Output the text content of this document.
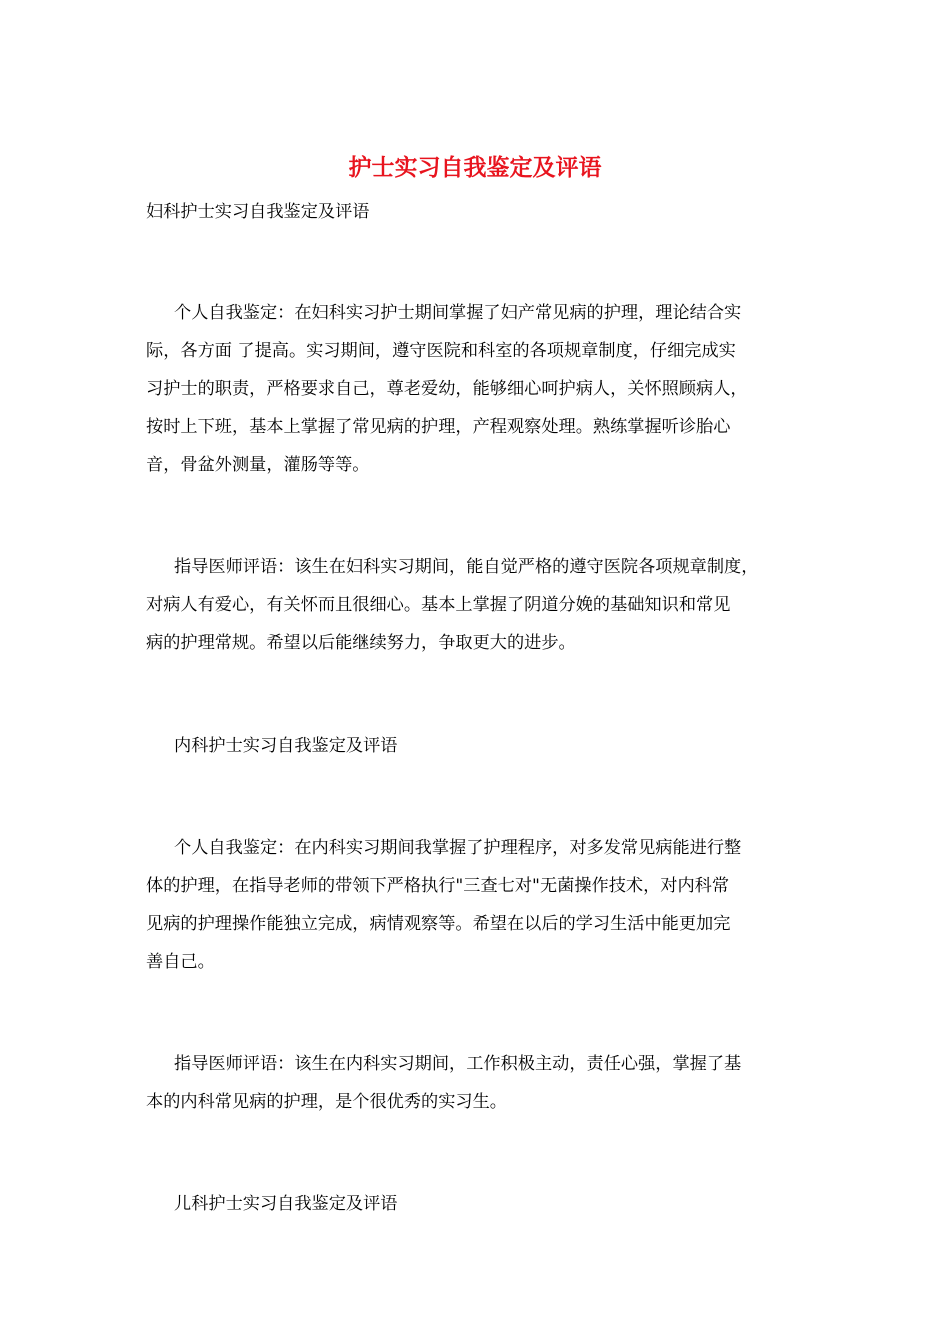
护士实习自我鉴定及评语
妇科护士实习自我鉴定及评语
个人自我鉴定：在妇科实习护士期间掌握了妇产常见病的护理，理论结合实
际，各方面 了提高。实习期间，遵守医院和科室的各项规章制度，仔细完成实
习护士的职责，严格要求自己，尊老爱幼，能够细心呵护病人，关怀照顾病人，
按时上下班，基本上掌握了常见病的护理，产程观察处理。熟练掌握听诊胎心
音，骨盆外测量，灌肠等等。
指导医师评语：该生在妇科实习期间，能自觉严格的遵守医院各项规章制度，
对病人有爱心，有关怀而且很细心。基本上掌握了阴道分娩的基础知识和常见
病的护理常规。希望以后能继续努力，争取更大的进步。
内科护士实习自我鉴定及评语
个人自我鉴定：在内科实习期间我掌握了护理程序，对多发常见病能进行整
体的护理，在指导老师的带领下严格执行"三查七对"无菌操作技术，对内科常
见病的护理操作能独立完成，病情观察等。希望在以后的学习生活中能更加完
善自己。
指导医师评语：该生在内科实习期间，工作积极主动，责任心强，掌握了基
本的内科常见病的护理，是个很优秀的实习生。
儿科护士实习自我鉴定及评语
